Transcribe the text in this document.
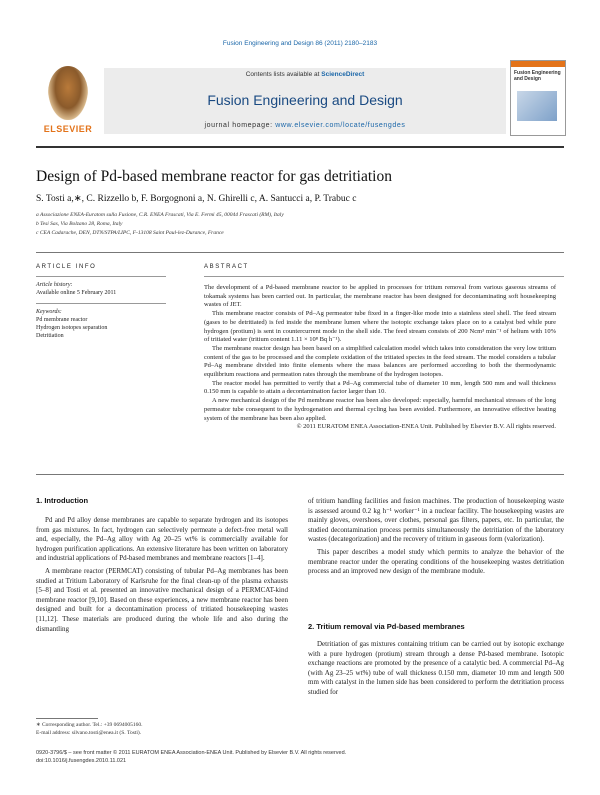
Fusion Engineering and Design 86 (2011) 2180–2183
ELSEVIER
Contents lists available at ScienceDirect
Fusion Engineering and Design
journal homepage: www.elsevier.com/locate/fusengdes
Fusion Engineering and Design
Design of Pd-based membrane reactor for gas detritiation
S. Tosti a,∗, C. Rizzello b, F. Borgognoni a, N. Ghirelli c, A. Santucci a, P. Trabuc c
a Associazione ENEA-Euratom sulla Fusione, C.R. ENEA Frascati, Via E. Fermi 45, 00044 Frascati (RM), Italy
b Tesi Sas, Via Bolzano 28, Roma, Italy
c CEA Cadarache, DEN, DTN/STPA/LIPC, F-13108 Saint Paul-lez-Durance, France
ARTICLE INFO
Article history:
Available online 5 February 2011
Keywords:
Pd membrane reactor
Hydrogen isotopes separation
Detritiation
ABSTRACT

The development of a Pd-based membrane reactor to be applied in processes for tritium removal from various gaseous streams of tokamak systems has been carried out. In particular, the membrane reactor has been designed for decontaminating soft housekeeping wastes of JET.

This membrane reactor consists of Pd–Ag permeator tube fixed in a finger-like mode into a stainless steel shell. The feed stream (gases to be detritiated) is fed inside the membrane lumen where the isotopic exchange takes place on to a catalyst bed while pure hydrogen (protium) is sent in countercurrent mode in the shell side. The feed stream consists of 200 Ncm³ min⁻¹ of helium with 10% of tritiated water (tritium content 1.11 × 10⁸ Bq h⁻¹).

The membrane reactor design has been based on a simplified calculation model which takes into consideration the very low tritium content of the gas to be processed and the complete oxidation of the tritiated species in the feed stream. The model considers a tubular Pd–Ag membrane divided into finite elements where the mass balances are performed according to both the thermodynamic equilibrium reactions and permeation rates through the membrane of the hydrogen isotopes.

The reactor model has permitted to verify that a Pd–Ag commercial tube of diameter 10 mm, length 500 mm and wall thickness 0.150 mm is capable to attain a decontamination factor larger than 10.

A new mechanical design of the Pd membrane reactor has been also developed: especially, harmful mechanical stresses of the long permeator tube consequent to the hydrogenation and thermal cycling has been avoided. Furthermore, an innovative effective heating system of the membrane has been also applied.

© 2011 EURATOM ENEA Association-ENEA Unit. Published by Elsevier B.V. All rights reserved.

1. Introduction

Pd and Pd alloy dense membranes are capable to separate hydrogen and its isotopes from gas mixtures. In fact, hydrogen can selectively permeate a defect-free metal wall and, especially, the Pd–Ag alloy with Ag 20–25 wt% is commercially available for hydrogen purification applications. An extensive literature has been written on laboratory and industrial applications of Pd-based membranes and membrane reactors [1–4].

A membrane reactor (PERMCAT) consisting of tubular Pd–Ag membranes has been studied at Tritium Laboratory of Karlsruhe for the final clean-up of the plasma exhausts [5–8] and Tosti et al. presented an innovative mechanical design of a PERMCAT-kind membrane reactor [9,10]. Based on these experiences, a new membrane reactor has been designed and built for a decontamination process of tritiated housekeeping wastes [11,12]. These materials are produced during the whole life and also during the dismantling

of tritium handling facilities and fusion machines. The production of housekeeping waste is assessed around 0.2 kg h⁻¹ worker⁻¹ in a nuclear facility. The housekeeping wastes are mainly gloves, overshoes, over clothes, personal gas filters, papers, etc. In particular, the studied decontamination process permits simultaneously the detritiation of the laboratory wastes (decategorization) and the recovery of tritium in gaseous form (valorization).

This paper describes a model study which permits to analyze the behavior of the membrane reactor under the operating conditions of the housekeeping wastes detritiation process and an improved new design of the membrane module.

2. Tritium removal via Pd-based membranes

Detritiation of gas mixtures containing tritium can be carried out by isotopic exchange with a pure hydrogen (protium) stream through a dense Pd-based membrane. Isotopic exchange reactions are promoted by the presence of a catalytic bed. A commercial Pd–Ag (with Ag 23–25 wt%) tube of wall thickness 0.150 mm, diameter 10 mm and length 500 mm with catalyst in the lumen side has been considered to perform the detritiation process studied for

∗ Corresponding author. Tel.: +39 0694005160.
E-mail address: silvano.tosti@enea.it (S. Tosti).
0920-3796/$ – see front matter © 2011 EURATOM ENEA Association-ENEA Unit. Published by Elsevier B.V. All rights reserved.
doi:10.1016/j.fusengdes.2010.11.021
